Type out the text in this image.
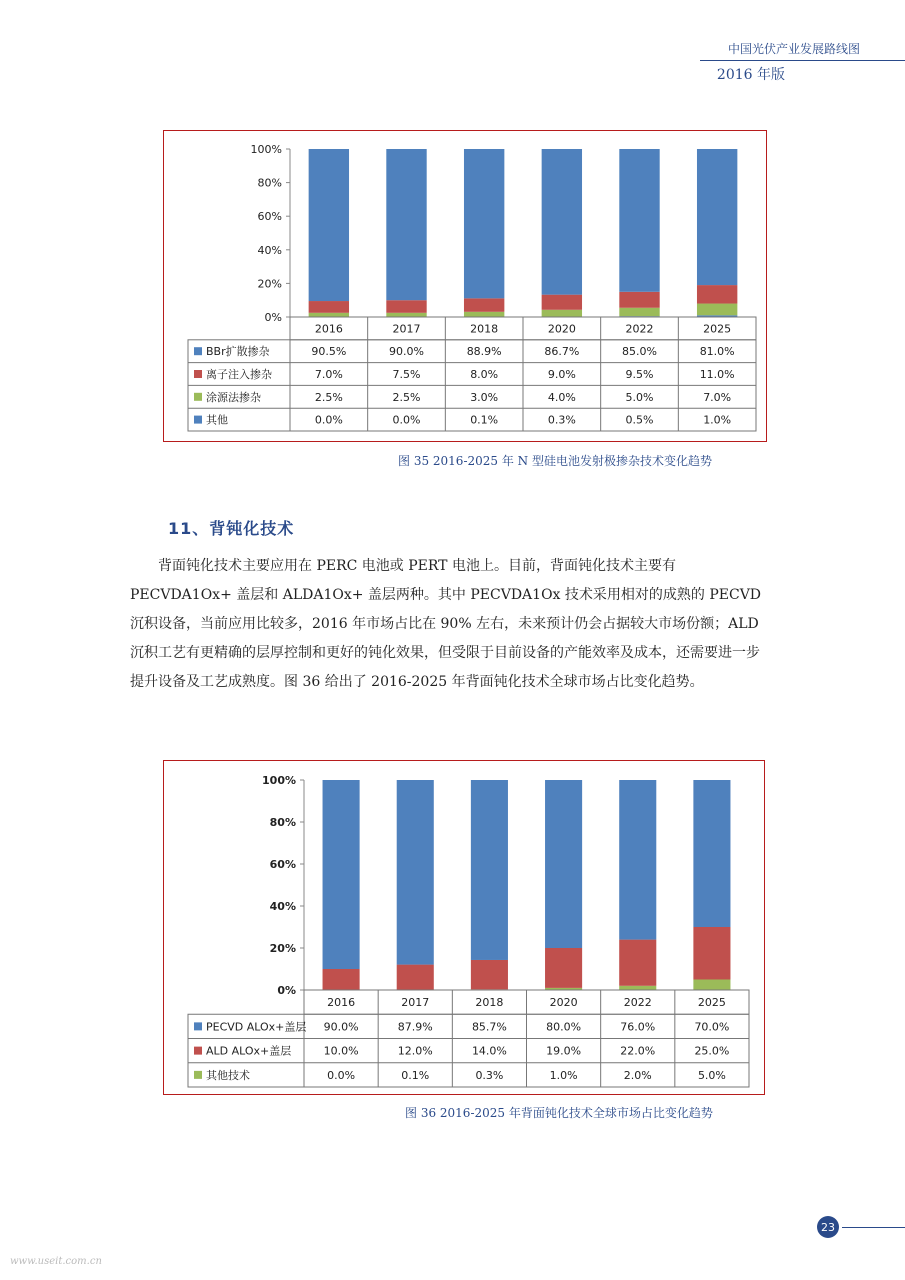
中国光伏产业发展路线图
2016 年版
100%
80%
60%
40%
20%
0%
2016	2017	2018	2020	2022	2025
BBr扩散掺杂	90.5%	90.0%	88.9%	86.7%	85.0%	81.0%
离子注入掺杂	7.0%	7.5%	8.0%	9.0%	9.5%	11.0%
涂源法掺杂	2.5%	2.5%	3.0%	4.0%	5.0%	7.0%
其他	0.0%	0.0%	0.1%	0.3%	0.5%	1.0%
图 35 2016-2025 年 N 型硅电池发射极掺杂技术变化趋势
11、背钝化技术

背面钝化技术主要应用在 PERC 电池或 PERT 电池上。目前，背面钝化技术主要有 PECVDA1Ox+ 盖层和 ALDA1Ox+ 盖层两种。其中 PECVDA1Ox 技术采用相对的成熟的 PECVD 沉积设备，当前应用比较多，2016 年市场占比在 90% 左右，未来预计仍会占据较大市场份额；ALD 沉积工艺有更精确的层厚控制和更好的钝化效果，但受限于目前设备的产能效率及成本，还需要进一步提升设备及工艺成熟度。图 36 给出了 2016-2025 年背面钝化技术全球市场占比变化趋势。

100%
80%
60%
40%
20%
0%
2016	2017	2018	2020	2022	2025
PECVD ALOx+盖层 90.0%	87.9%	85.7%	80.0%	76.0%	70.0%
ALD ALOx+盖层	10.0%	12.0%	14.0%	19.0%	22.0%	25.0%
其他技术	0.0%	0.1%	0.3%	1.0%	2.0%	5.0%
图 36 2016-2025 年背面钝化技术全球市场占比变化趋势
23
www.useit.com.cn
